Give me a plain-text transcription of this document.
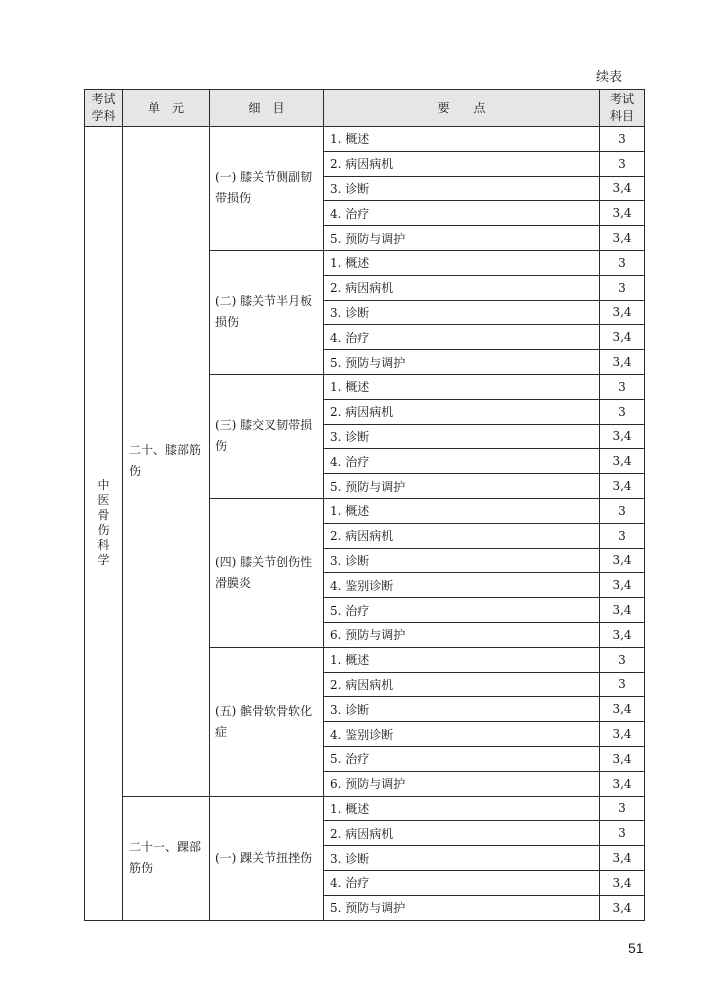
续表
考试
学科	单　元	细　目	要　　点	考试
科目
中医骨伤科学	二十、膝部筋伤	(一) 膝关节侧副韧带损伤	1. 概述	3
			2. 病因病机	3
			3. 诊断	3,4
			4. 治疗	3,4
			5. 预防与调护	3,4
		(二) 膝关节半月板损伤	1. 概述	3
			2. 病因病机	3
			3. 诊断	3,4
			4. 治疗	3,4
			5. 预防与调护	3,4
		(三) 膝交叉韧带损伤	1. 概述	3
			2. 病因病机	3
			3. 诊断	3,4
			4. 治疗	3,4
			5. 预防与调护	3,4
		(四) 膝关节创伤性滑膜炎	1. 概述	3
			2. 病因病机	3
			3. 诊断	3,4
			4. 鉴别诊断	3,4
			5. 治疗	3,4
			6. 预防与调护	3,4
		(五) 髌骨软骨软化症	1. 概述	3
			2. 病因病机	3
			3. 诊断	3,4
			4. 鉴别诊断	3,4
			5. 治疗	3,4
			6. 预防与调护	3,4
	二十一、踝部筋伤	(一) 踝关节扭挫伤	1. 概述	3
			2. 病因病机	3
			3. 诊断	3,4
			4. 治疗	3,4
			5. 预防与调护	3,4
51
